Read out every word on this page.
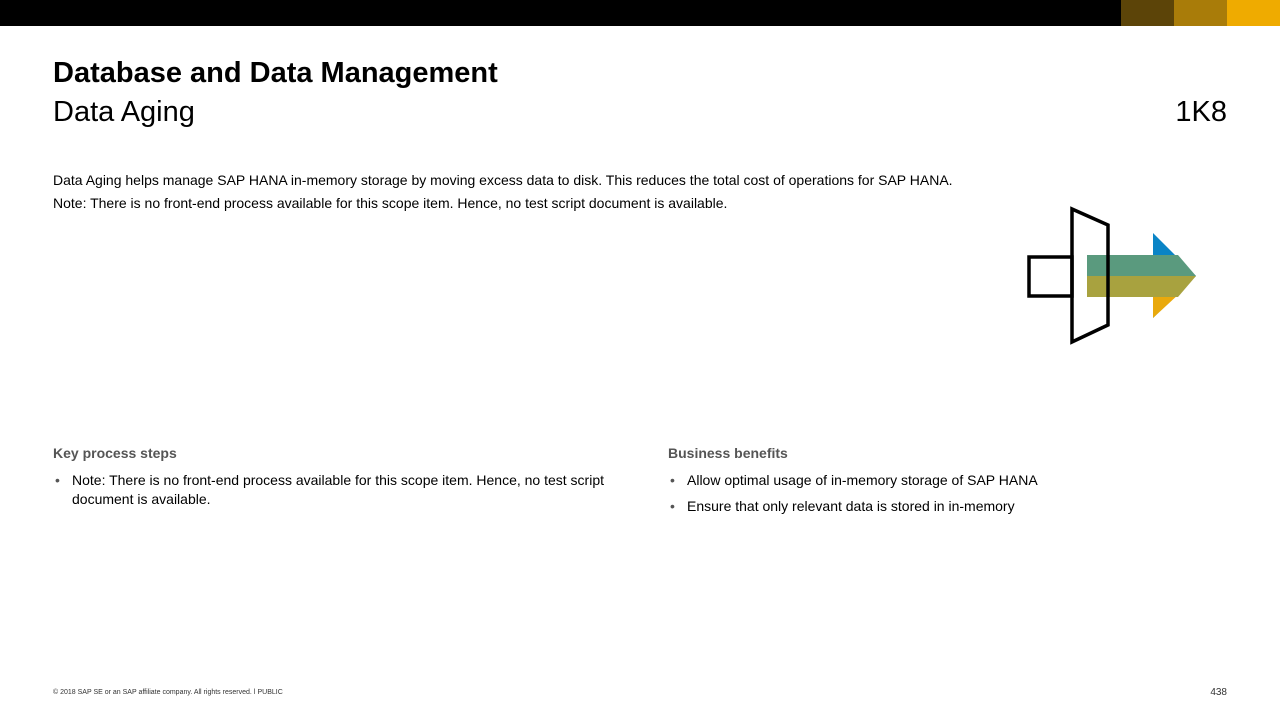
Database and Data Management
Data Aging	1K8

Data Aging helps manage SAP HANA in-memory storage by moving excess data to disk. This reduces the total cost of operations for SAP HANA.

Note: There is no front-end process available for this scope item. Hence, no test script document is available.

Key process steps
• Note: There is no front-end process available for this scope item. Hence, no test script document is available.
Business benefits
• Allow optimal usage of in-memory storage of SAP HANA
• Ensure that only relevant data is stored in in-memory
© 2018 SAP SE or an SAP affiliate company. All rights reserved. ǀ PUBLIC	438
